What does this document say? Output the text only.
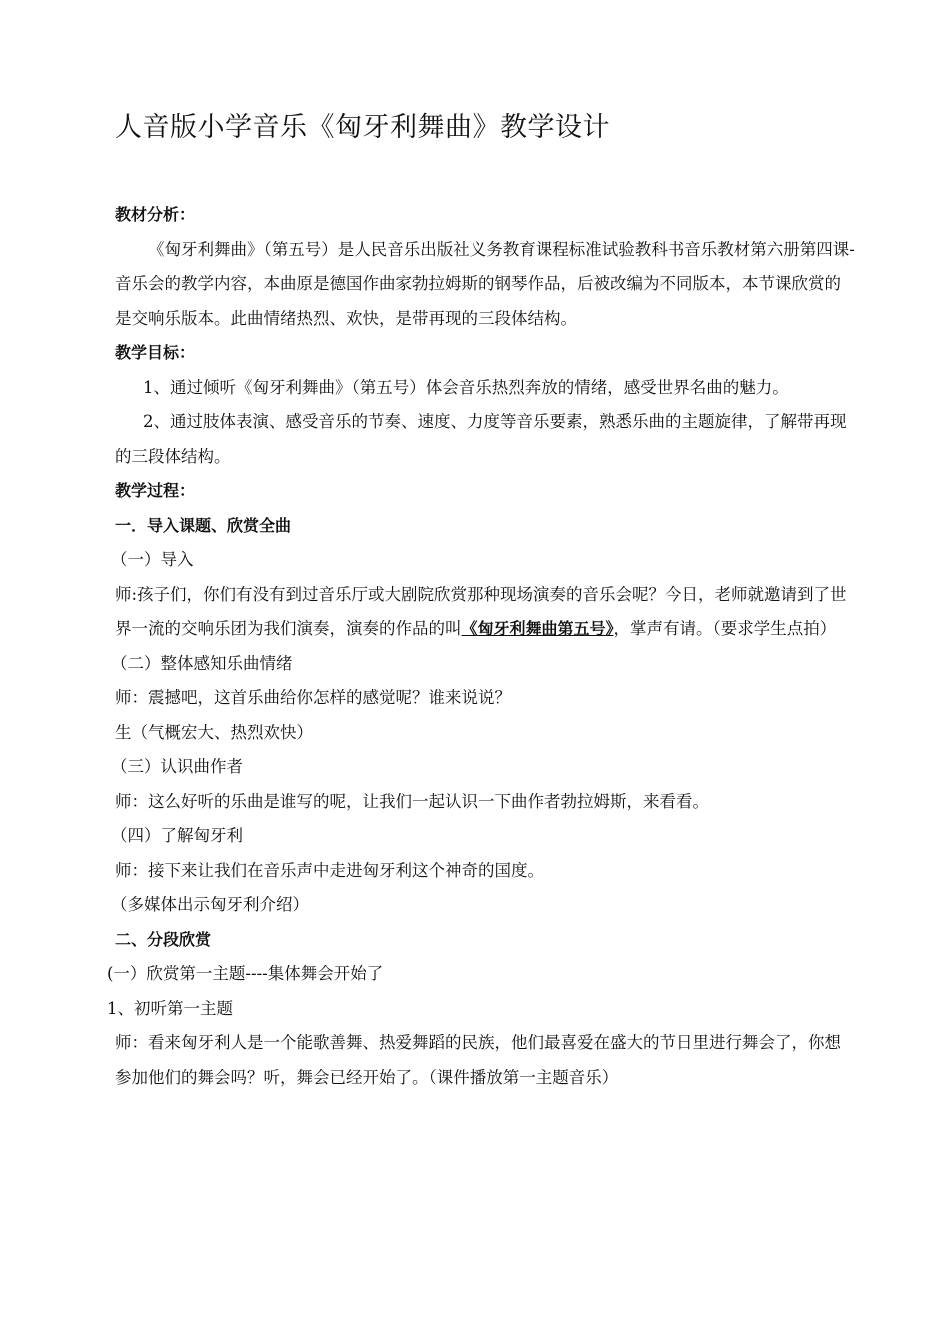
人音版小学音乐《匈牙利舞曲》教学设计

教材分析：

《匈牙利舞曲》（第五号）是人民音乐出版社义务教育课程标准试验教科书音乐教材第六册第四课-音乐会的教学内容，本曲原是德国作曲家勃拉姆斯的钢琴作品，后被改编为不同版本，本节课欣赏的是交响乐版本。此曲情绪热烈、欢快，是带再现的三段体结构。

教学目标：

1、通过倾听《匈牙利舞曲》（第五号）体会音乐热烈奔放的情绪，感受世界名曲的魅力。

2、通过肢体表演、感受音乐的节奏、速度、力度等音乐要素，熟悉乐曲的主题旋律，了解带再现的三段体结构。

教学过程：

一．导入课题、欣赏全曲

（一）导入

师:孩子们，你们有没有到过音乐厅或大剧院欣赏那种现场演奏的音乐会呢？今日，老师就邀请到了世界一流的交响乐团为我们演奏，演奏的作品的叫《匈牙利舞曲第五号》，掌声有请。（要求学生点拍）

（二）整体感知乐曲情绪

师：震撼吧，这首乐曲给你怎样的感觉呢？谁来说说？

生（气概宏大、热烈欢快）

（三）认识曲作者

师：这么好听的乐曲是谁写的呢，让我们一起认识一下曲作者勃拉姆斯，来看看。

（四）了解匈牙利

师：接下来让我们在音乐声中走进匈牙利这个神奇的国度。

（多媒体出示匈牙利介绍）

二、分段欣赏

(一）欣赏第一主题----集体舞会开始了

1、初听第一主题

师：看来匈牙利人是一个能歌善舞、热爱舞蹈的民族，他们最喜爱在盛大的节日里进行舞会了，你想参加他们的舞会吗？听，舞会已经开始了。（课件播放第一主题音乐）
